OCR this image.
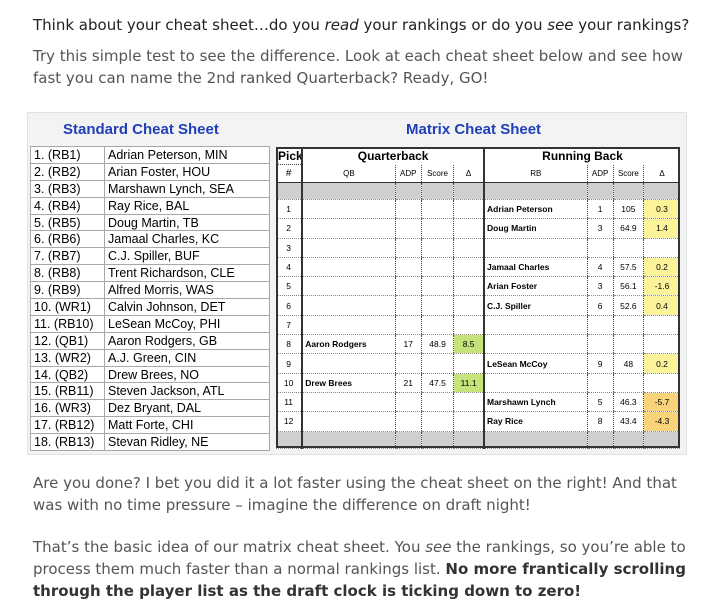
Think about your cheat sheet…do you read your rankings or do you see your rankings?

Try this simple test to see the difference. Look at each cheat sheet below and see how fast you can name the 2nd ranked Quarterback? Ready, GO!

Standard Cheat Sheet	Matrix Cheat Sheet
1. (RB1)	Adrian Peterson, MIN
2. (RB2)	Arian Foster, HOU
3. (RB3)	Marshawn Lynch, SEA
4. (RB4)	Ray Rice, BAL
5. (RB5)	Doug Martin, TB
6. (RB6)	Jamaal Charles, KC
7. (RB7)	C.J. Spiller, BUF
8. (RB8)	Trent Richardson, CLE
9. (RB9)	Alfred Morris, WAS
10. (WR1)	Calvin Johnson, DET
11. (RB10)	LeSean McCoy, PHI
12. (QB1)	Aaron Rodgers, GB
13. (WR2)	A.J. Green, CIN
14. (QB2)	Drew Brees, NO
15. (RB11)	Steven Jackson, ATL
16. (WR3)	Dez Bryant, DAL
17. (RB12)	Matt Forte, CHI
18. (RB13)	Stevan Ridley, NE
Pick	Quarterback				Running Back			
#	QB	ADP	Score	Δ	RB	ADP	Score	Δ

1					Adrian Peterson	1	105	0.3
2					Doug Martin	3	64.9	1.4
3								
4					Jamaal Charles	4	57.5	0.2
5					Arian Foster	3	56.1	-1.6
6					C.J. Spiller	6	52.6	0.4
7								
8	Aaron Rodgers	17	48.9	8.5				
9					LeSean McCoy	9	48	0.2
10	Drew Brees	21	47.5	11.1				
11					Marshawn Lynch	5	46.3	-5.7
12					Ray Rice	8	43.4	-4.3

Are you done? I bet you did it a lot faster using the cheat sheet on the right! And that was with no time pressure – imagine the difference on draft night!

That’s the basic idea of our matrix cheat sheet. You see the rankings, so you’re able to process them much faster than a normal rankings list. No more frantically scrolling through the player list as the draft clock is ticking down to zero!
